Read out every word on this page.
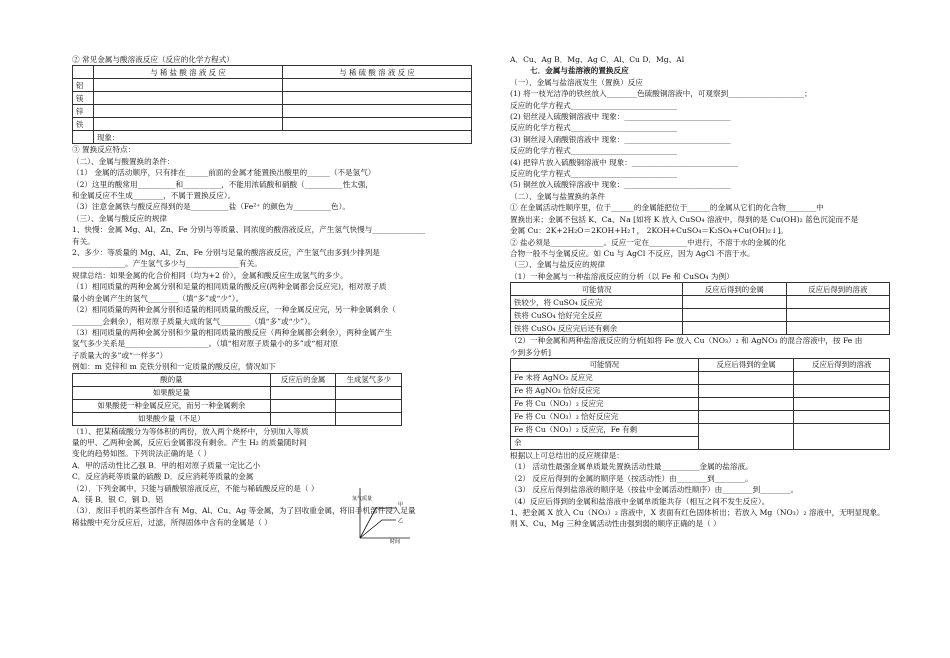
② 常见金属与酸溶液反应（反应的化学方程式）
	与 稀 盐 酸 溶 液 反 应	与 稀 硫 酸 溶 液 反 应
铝		
镁		
锌		
铁		
	现象：	
③ 置换反应特点：
（二）、金属与酸置换的条件：
（1） 金属的活动顺序，只有排在______前面的金属才能置换出酸里的______（不是氢气）
（2）这里的酸常用__________和__________，不能用浓硫酸和硝酸（__________性太强，
和金属反应不生成________，不属于置换反应）。
（3）注意金属铁与酸反应得到的是__________盐（Fe²⁺ 的颜色为__________色）。
（三）、金属与酸反应的规律
1、快慢：金属 Mg、Al、Zn、Fe 分别与等质量、同浓度的酸溶液反应，产生氢气快慢与______________
有关。
2、多少：等质量的 Mg、Al、Zn、Fe 分别与足量的酸溶液反应，产生氢气由多到少排列是
______________。产生氢气多少与______________有关。
规律总结：如果金属的化合价相同（均为+2 价），金属和酸反应生成氢气的多少。
（1）相同质量的两种金属分别和足量的相同质量的酸反应(两种金属都会反应完)，相对原子质
量小的金属产生的氢气________（填“多”或“少”）。
（2）相同质量的两种金属分别和适量的相同质量的酸反应，一种金属反应完，另一种金属剩余（
________会剩余），相对原子质量大成的氢气________（填“多”或“少”）。
（3）相同质量的两种金属分别和少量的相同质量的酸反应（两种金属都会剩余），两种金属产生
氢气多少关系是______________________。（填“相对原子质量小的多”或“相对原
子质量大的多”或“一样多”）
例如：m 克锌和 m 克铁分别和一定质量的酸反应，情况如下
酸的量	反应后的金属	生成氢气多少
如果酸足量		
如果酸使一种金属反应完，而另一种金属剩余		
如果酸少量（不足）		
（1）、把某稀硫酸分为等体积的两份，放入两个烧杯中，分别加入等质
量的甲、乙两种金属，反应后金属都没有剩余。产生 H₂ 的质量随时间
变化的趋势如图。下列说法正确的是（ ）
A．甲的活动性比乙强 B．甲的相对原子质量一定比乙小
C．反应消耗等质量的硫酸 D．反应消耗等质量的金属
（2）．下列金属中，只能与硝酸银溶液反应，不能与稀硫酸反应的是（ ）
A．镁 B．银 C．铜 D．铝
（3）．废旧手机的某些部件含有 Mg、Al、Cu、Ag 等金属，为了回收重金属，将旧手机部件浸入足量
稀盐酸中充分反应后，过滤，所得固体中含有的金属是（ ）
氢气质量
时间
甲
乙
A．Cu、Ag B．Mg、Ag C．Al、Cu D．Mg、Al
七．金属与盐溶液的置换反应
（一）、金属与盐溶液发生（置换）反应
(1) 将一枝光洁净的铁丝放入________色硫酸铜溶液中，可观察到____________________；
反应的化学方程式____________________________
(2) 铝丝浸入硫酸铜溶液中 现象：____________________________
反应的化学方程式____________________________
(3) 铜丝浸入硝酸银溶液中 现象：____________________________
反应的化学方程式____________________________
(4) 把锌片放入硫酸铜溶液中 现象：____________________________
反应的化学方程式____________________________
(5) 铜丝放入硫酸锌溶液中 现象：____________________________
（二）、金属与盐置换的条件
① 在金属活动性顺序里，位于______的金属能把位于______的金属从它们的化合物________中
置换出来；金属不包括 K、Ca、Na [如将 K 放入 CuSO₄ 溶液中，得到的是 Cu(OH)₂ 蓝色沉淀而不是
金属 Cu：2K+2H₂O＝2KOH+H₂↑， 2KOH+CuSO₄＝K₂SO₄+Cu(OH)₂↓]。
② 盐必须是______________。反应一定在__________中进行，不溶于水的金属的化
合物一般不与金属反应。如 Cu 与 AgCl 不反应，因为 AgCl 不溶于水。
（三）、金属与盐反应的规律
（1）一种金属与一种盐溶液反应的分析（以 Fe 和 CuSO₄ 为例）
可能情况	反应后得到的金属	反应后得到的溶液
铁较少，将 CuSO₄ 反应完		
铁将 CuSO₄ 恰好完全反应		
铁将 CuSO₄ 反应完后还有剩余		
（2）一种金属和两种盐溶液反应的分析[如将 Fe 放入 Cu（NO₃）₂ 和 AgNO₃ 的混合溶液中，按 Fe 由
少到多分析]
可能情况	反应后得到的金属	反应后得到的溶液
Fe 未将 AgNO₃ 反应完		
Fe 将 AgNO₃ 恰好反应完		
Fe 将 Cu（NO₃）₂ 反应完		
Fe 将 Cu（NO₃）₂ 恰好反应完		
Fe 将 Cu（NO₃）₂ 反应完，Fe 有剩		
余		
根据以上可总结出的反应规律是：
（1） 活动性最强金属单质最先置换活动性最__________金属的盐溶液。
（2） 反应后得到的金属的顺序是（按活动性）由________到________。
（3） 反应后得到盐溶液的顺序是（按盐中金属活动性顺序）由________到________。
（4）反应后得到的金属和盐溶液中金属单质能共存（相互之间不发生反应）。
1、把金属 X 放入 Cu（NO₃）₂ 溶液中，X 表面有红色固体析出；若放入 Mg（NO₃）₂ 溶液中，无明显现象。
则 X、Cu、Mg 三种金属活动性由强到弱的顺序正确的是（ ）
